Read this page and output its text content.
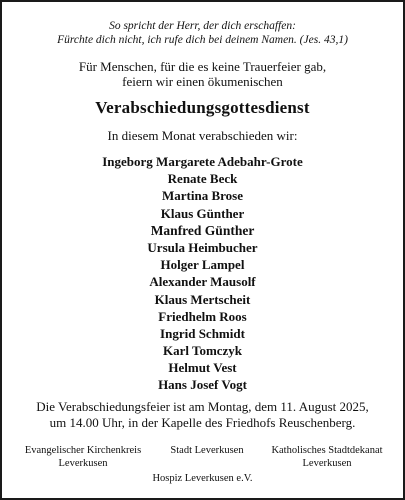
So spricht der Herr, der dich erschaffen:
Fürchte dich nicht, ich rufe dich bei deinem Namen. (Jes. 43,1)
Für Menschen, für die es keine Trauerfeier gab,
feiern wir einen ökumenischen
Verabschiedungsgottesdienst
In diesem Monat verabschieden wir:
Ingeborg Margarete Adebahr-Grote
Renate Beck
Martina Brose
Klaus Günther
Manfred Günther
Ursula Heimbucher
Holger Lampel
Alexander Mausolf
Klaus Mertscheit
Friedhelm Roos
Ingrid Schmidt
Karl Tomczyk
Helmut Vest
Hans Josef Vogt
Die Verabschiedungsfeier ist am Montag, dem 11. August 2025,
um 14.00 Uhr, in der Kapelle des Friedhofs Reuschenberg.
Evangelischer Kirchenkreis
Leverkusen
Stadt Leverkusen	Katholisches Stadtdekanat
Leverkusen
Hospiz Leverkusen e.V.
